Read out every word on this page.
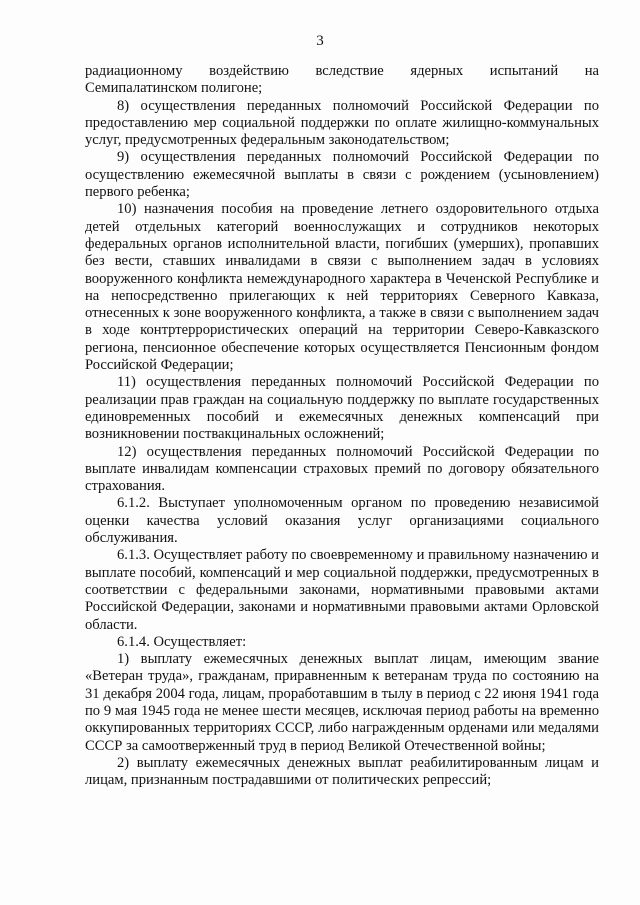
3

радиационному воздействию вследствие ядерных испытаний на Семипалатинском полигоне;

8) осуществления переданных полномочий Российской Федерации по предоставлению мер социальной поддержки по оплате жилищно-коммунальных услуг, предусмотренных федеральным законодательством;

9) осуществления переданных полномочий Российской Федерации по осуществлению ежемесячной выплаты в связи с рождением (усыновлением) первого ребенка;

10) назначения пособия на проведение летнего оздоровительного отдыха детей отдельных категорий военнослужащих и сотрудников некоторых федеральных органов исполнительной власти, погибших (умерших), пропавших без вести, ставших инвалидами в связи с выполнением задач в условиях вооруженного конфликта немеждународного характера в Чеченской Республике и на непосредственно прилегающих к ней территориях Северного Кавказа, отнесенных к зоне вооруженного конфликта, а также в связи с выполнением задач в ходе контртеррористических операций на территории Северо-Кавказского региона, пенсионное обеспечение которых осуществляется Пенсионным фондом Российской Федерации;

11) осуществления переданных полномочий Российской Федерации по реализации прав граждан на социальную поддержку по выплате государственных единовременных пособий и ежемесячных денежных компенсаций при возникновении поствакцинальных осложнений;

12) осуществления переданных полномочий Российской Федерации по выплате инвалидам компенсации страховых премий по договору обязательного страхования.

6.1.2. Выступает уполномоченным органом по проведению независимой оценки качества условий оказания услуг организациями социального обслуживания.

6.1.3. Осуществляет работу по своевременному и правильному назначению и выплате пособий, компенсаций и мер социальной поддержки, предусмотренных в соответствии с федеральными законами, нормативными правовыми актами Российской Федерации, законами и нормативными правовыми актами Орловской области.

6.1.4. Осуществляет:

1) выплату ежемесячных денежных выплат лицам, имеющим звание «Ветеран труда», гражданам, приравненным к ветеранам труда по состоянию на 31 декабря 2004 года, лицам, проработавшим в тылу в период с 22 июня 1941 года по 9 мая 1945 года не менее шести месяцев, исключая период работы на временно оккупированных территориях СССР, либо награжденным орденами или медалями СССР за самоотверженный труд в период Великой Отечественной войны;

2) выплату ежемесячных денежных выплат реабилитированным лицам и лицам, признанным пострадавшими от политических репрессий;
